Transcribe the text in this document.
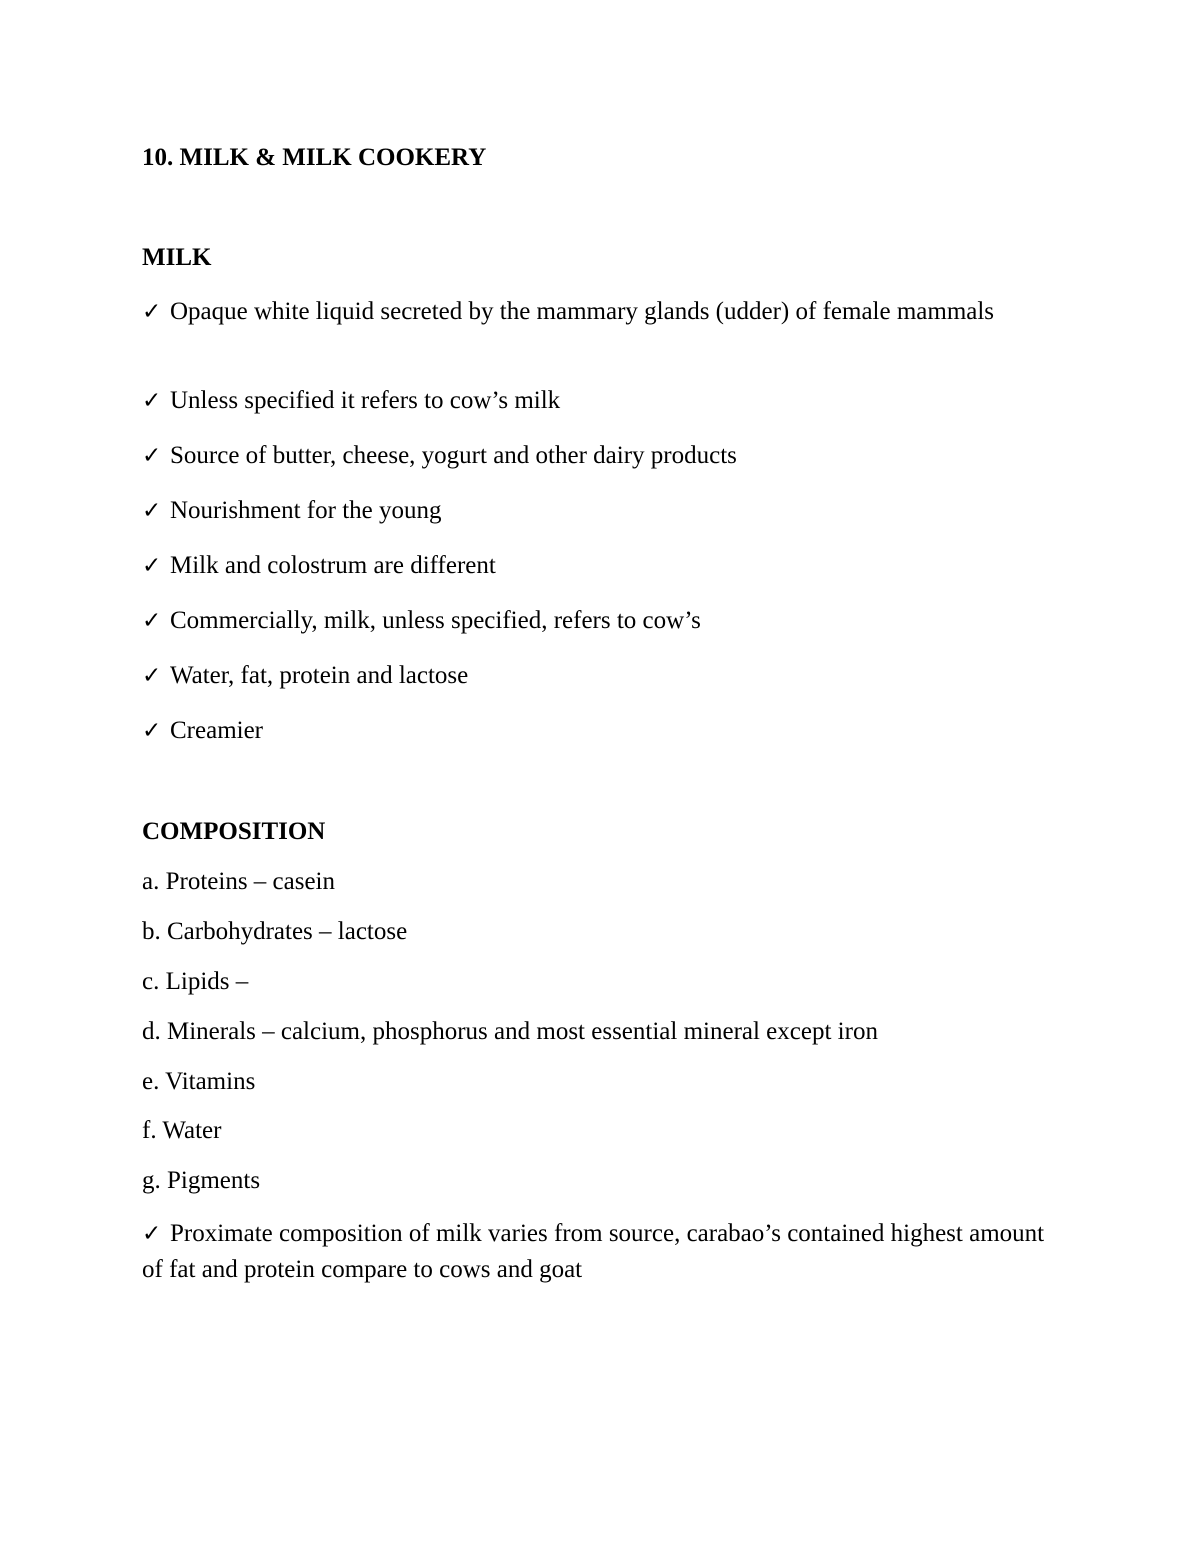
10. MILK & MILK COOKERY
MILK
✓ Opaque white liquid secreted by the mammary glands (udder) of female mammals
✓ Unless specified it refers to cow’s milk
✓ Source of butter, cheese, yogurt and other dairy products
✓ Nourishment for the young
✓ Milk and colostrum are different
✓ Commercially, milk, unless specified, refers to cow’s
✓ Water, fat, protein and lactose
✓ Creamier
COMPOSITION
a. Proteins – casein
b. Carbohydrates – lactose
c. Lipids –
d. Minerals – calcium, phosphorus and most essential mineral except iron
e. Vitamins
f. Water
g. Pigments
✓ Proximate composition of milk varies from source, carabao’s contained highest amount of fat and protein compare to cows and goat
